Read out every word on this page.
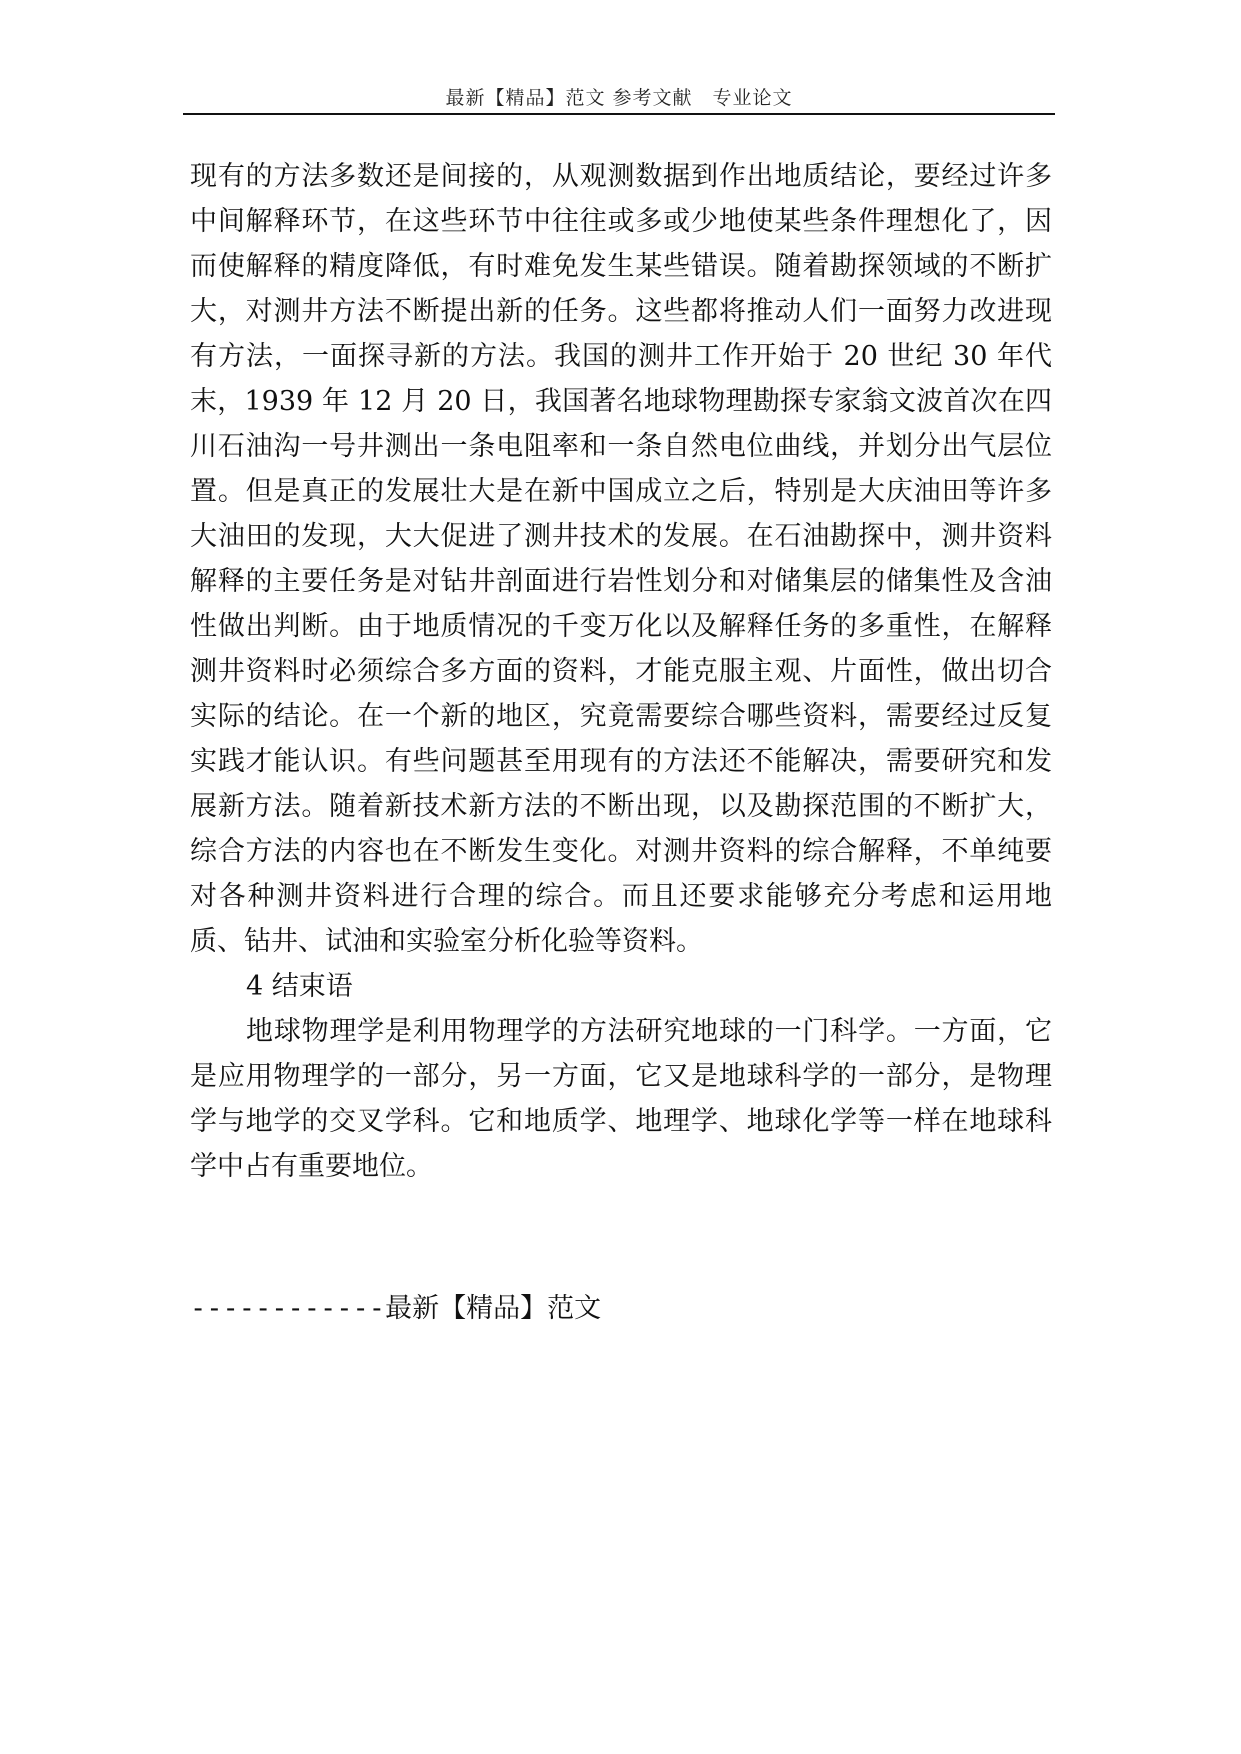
最新【精品】范文 参考文献　专业论文

现有的方法多数还是间接的，从观测数据到作出地质结论，要经过许多中间解释环节，在这些环节中往往或多或少地使某些条件理想化了，因而使解释的精度降低，有时难免发生某些错误。随着勘探领域的不断扩大，对测井方法不断提出新的任务。这些都将推动人们一面努力改进现有方法，一面探寻新的方法。我国的测井工作开始于 20 世纪 30 年代末，1939 年 12 月 20 日，我国著名地球物理勘探专家翁文波首次在四川石油沟一号井测出一条电阻率和一条自然电位曲线，并划分出气层位置。但是真正的发展壮大是在新中国成立之后，特别是大庆油田等许多大油田的发现，大大促进了测井技术的发展。在石油勘探中，测井资料解释的主要任务是对钻井剖面进行岩性划分和对储集层的储集性及含油性做出判断。由于地质情况的千变万化以及解释任务的多重性，在解释测井资料时必须综合多方面的资料，才能克服主观、片面性，做出切合实际的结论。在一个新的地区，究竟需要综合哪些资料，需要经过反复实践才能认识。有些问题甚至用现有的方法还不能解决，需要研究和发展新方法。随着新技术新方法的不断出现，以及勘探范围的不断扩大，综合方法的内容也在不断发生变化。对测井资料的综合解释，不单纯要对各种测井资料进行合理的综合。而且还要求能够充分考虑和运用地质、钻井、试油和实验室分析化验等资料。

4 结束语

地球物理学是利用物理学的方法研究地球的一门科学。一方面，它是应用物理学的一部分，另一方面，它又是地球科学的一部分，是物理学与地学的交叉学科。它和地质学、地理学、地球化学等一样在地球科学中占有重要地位。

------------最新【精品】范文
